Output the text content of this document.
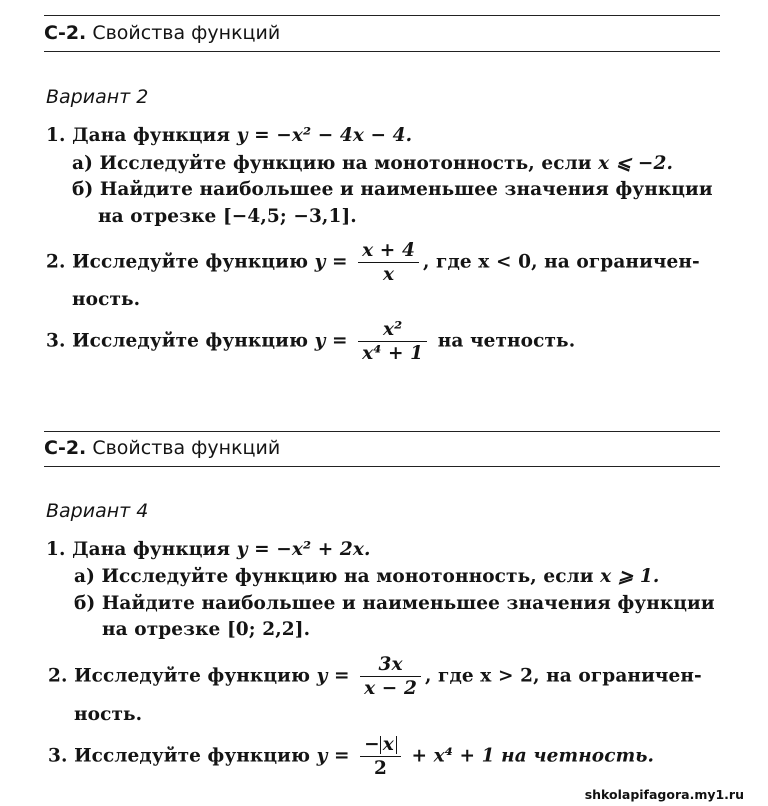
С-2. Свойства функций
Вариант 2
1. Дана функция y = −x² − 4x − 4.
а) Исследуйте функцию на монотонность, если x ⩽ −2.
б) Найдите наибольшее и наименьшее значения функции
на отрезке [−4,5; −3,1].
2. Исследуйте функцию $y = \frac{x + 4}{x}$ , где x < 0, на ограничен-
ность.
3. Исследуйте функцию $y = \frac{\text{x²}}{\text{x⁴ + 1}}$ на четность.
С-2. Свойства функций
Вариант 4
1. Дана функция y = −x² + 2x.
а) Исследуйте функцию на монотонность, если x ⩾ 1.
б) Найдите наибольшее и наименьшее значения функции
на отрезке [0; 2,2].
2. Исследуйте функцию $y = \frac{3x}{x - 2}$ , где x > 2, на ограничен-
ность.
3. Исследуйте функцию $y = \frac{- x}{2} + x^4 + 1$ на четность.
shkolapifagora.my1.ru
